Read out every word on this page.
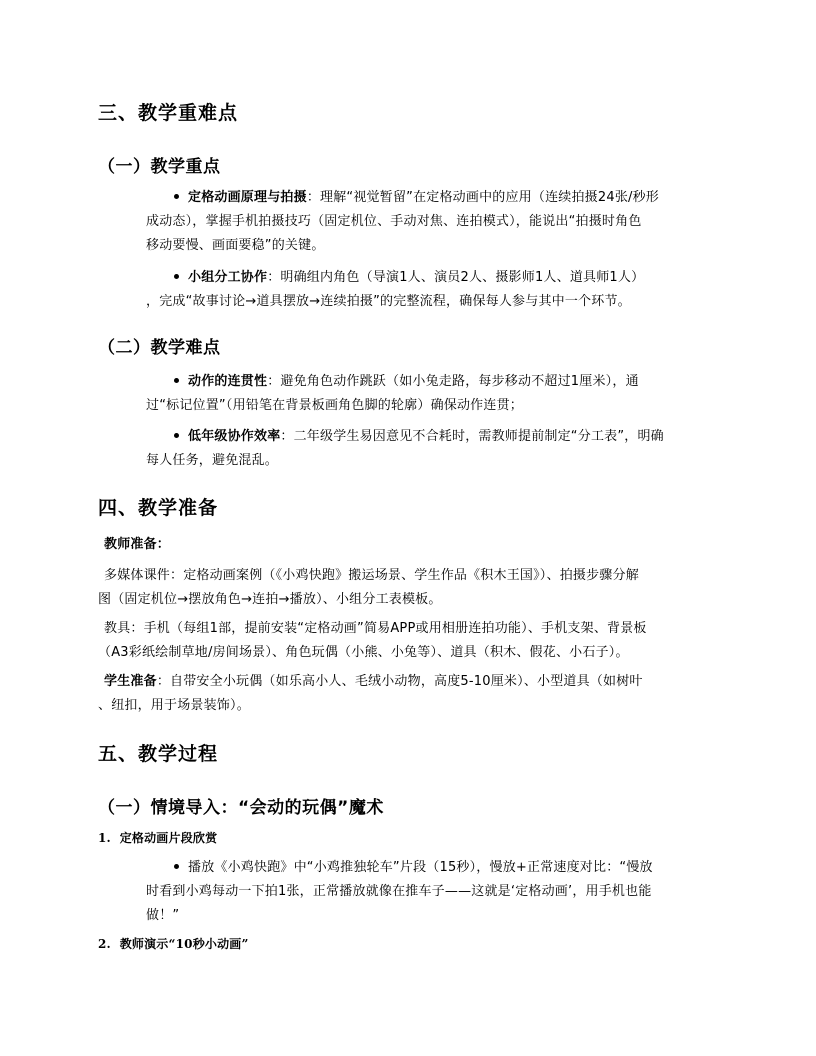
三、教学重难点
（一）教学重点
定格动画原理与拍摄：理解“视觉暂留”在定格动画中的应用（连续拍摄24张/秒形
成动态），掌握手机拍摄技巧（固定机位、手动对焦、连拍模式），能说出“拍摄时角色
移动要慢、画面要稳”的关键。
小组分工协作：明确组内角色（导演1人、演员2人、摄影师1人、道具师1人）
，完成“故事讨论→道具摆放→连续拍摄”的完整流程，确保每人参与其中一个环节。
（二）教学难点
动作的连贯性：避免角色动作跳跃（如小兔走路，每步移动不超过1厘米），通
过“标记位置”（用铅笔在背景板画角色脚的轮廓）确保动作连贯；
低年级协作效率：二年级学生易因意见不合耗时，需教师提前制定“分工表”，明确
每人任务，避免混乱。
四、教学准备
教师准备：
多媒体课件：定格动画案例（《小鸡快跑》搬运场景、学生作品《积木王国》）、拍摄步骤分解
图（固定机位→摆放角色→连拍→播放）、小组分工表模板。
教具：手机（每组1部，提前安装“定格动画”简易APP或用相册连拍功能）、手机支架、背景板
（A3彩纸绘制草地/房间场景）、角色玩偶（小熊、小兔等）、道具（积木、假花、小石子）。
学生准备：自带安全小玩偶（如乐高小人、毛绒小动物，高度5-10厘米）、小型道具（如树叶
、纽扣，用于场景装饰）。
五、教学过程
（一）情境导入：“会动的玩偶”魔术
1. 定格动画片段欣赏
播放《小鸡快跑》中“小鸡推独轮车”片段（15秒），慢放+正常速度对比：“慢放
时看到小鸡每动一下拍1张，正常播放就像在推车子——这就是‘定格动画’，用手机也能
做！”
2. 教师演示“10秒小动画”
